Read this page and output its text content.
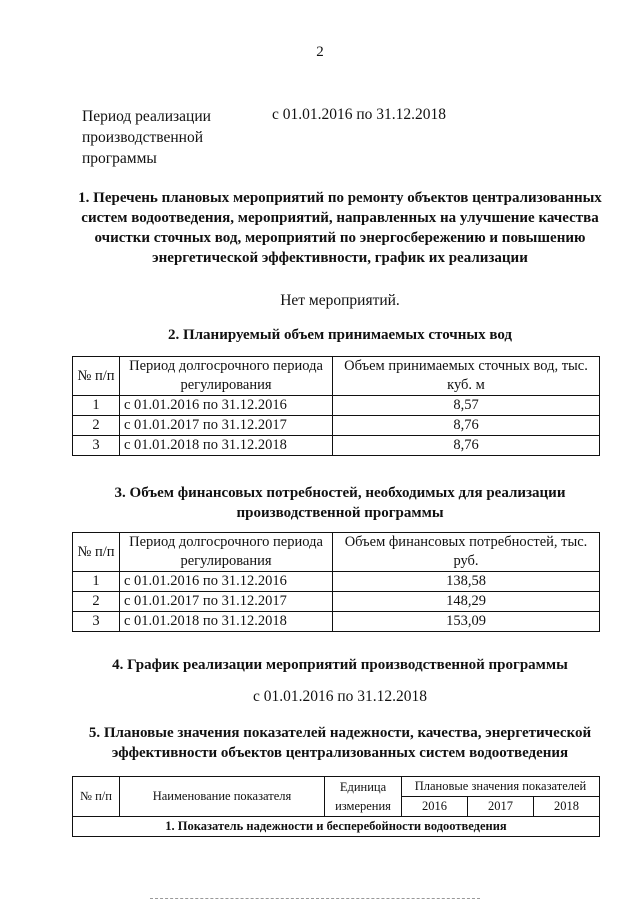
2
Период реализации производственной программы
с 01.01.2016 по 31.12.2018
1. Перечень плановых мероприятий по ремонту объектов централизованных систем водоотведения, мероприятий, направленных на улучшение качества очистки сточных вод, мероприятий по энергосбережению и повышению энергетической эффективности, график их реализации
Нет мероприятий.
2. Планируемый объем принимаемых сточных вод
№ п/п	Период долгосрочного периода регулирования	Объем принимаемых сточных вод, тыс. куб. м
1	с 01.01.2016 по 31.12.2016	8,57
2	с 01.01.2017 по 31.12.2017	8,76
3	с 01.01.2018 по 31.12.2018	8,76
3. Объем финансовых потребностей, необходимых для реализации производственной программы
№ п/п	Период долгосрочного периода регулирования	Объем финансовых потребностей, тыс. руб.
1	с 01.01.2016 по 31.12.2016	138,58
2	с 01.01.2017 по 31.12.2017	148,29
3	с 01.01.2018 по 31.12.2018	153,09
4. График реализации мероприятий производственной программы
с 01.01.2016 по 31.12.2018
5. Плановые значения показателей надежности, качества, энергетической эффективности объектов централизованных систем водоотведения
№ п/п	Наименование показателя	Единица измерения	Плановые значения показателей		
			2016	2017	2018
1. Показатель надежности и бесперебойности водоотведения					
